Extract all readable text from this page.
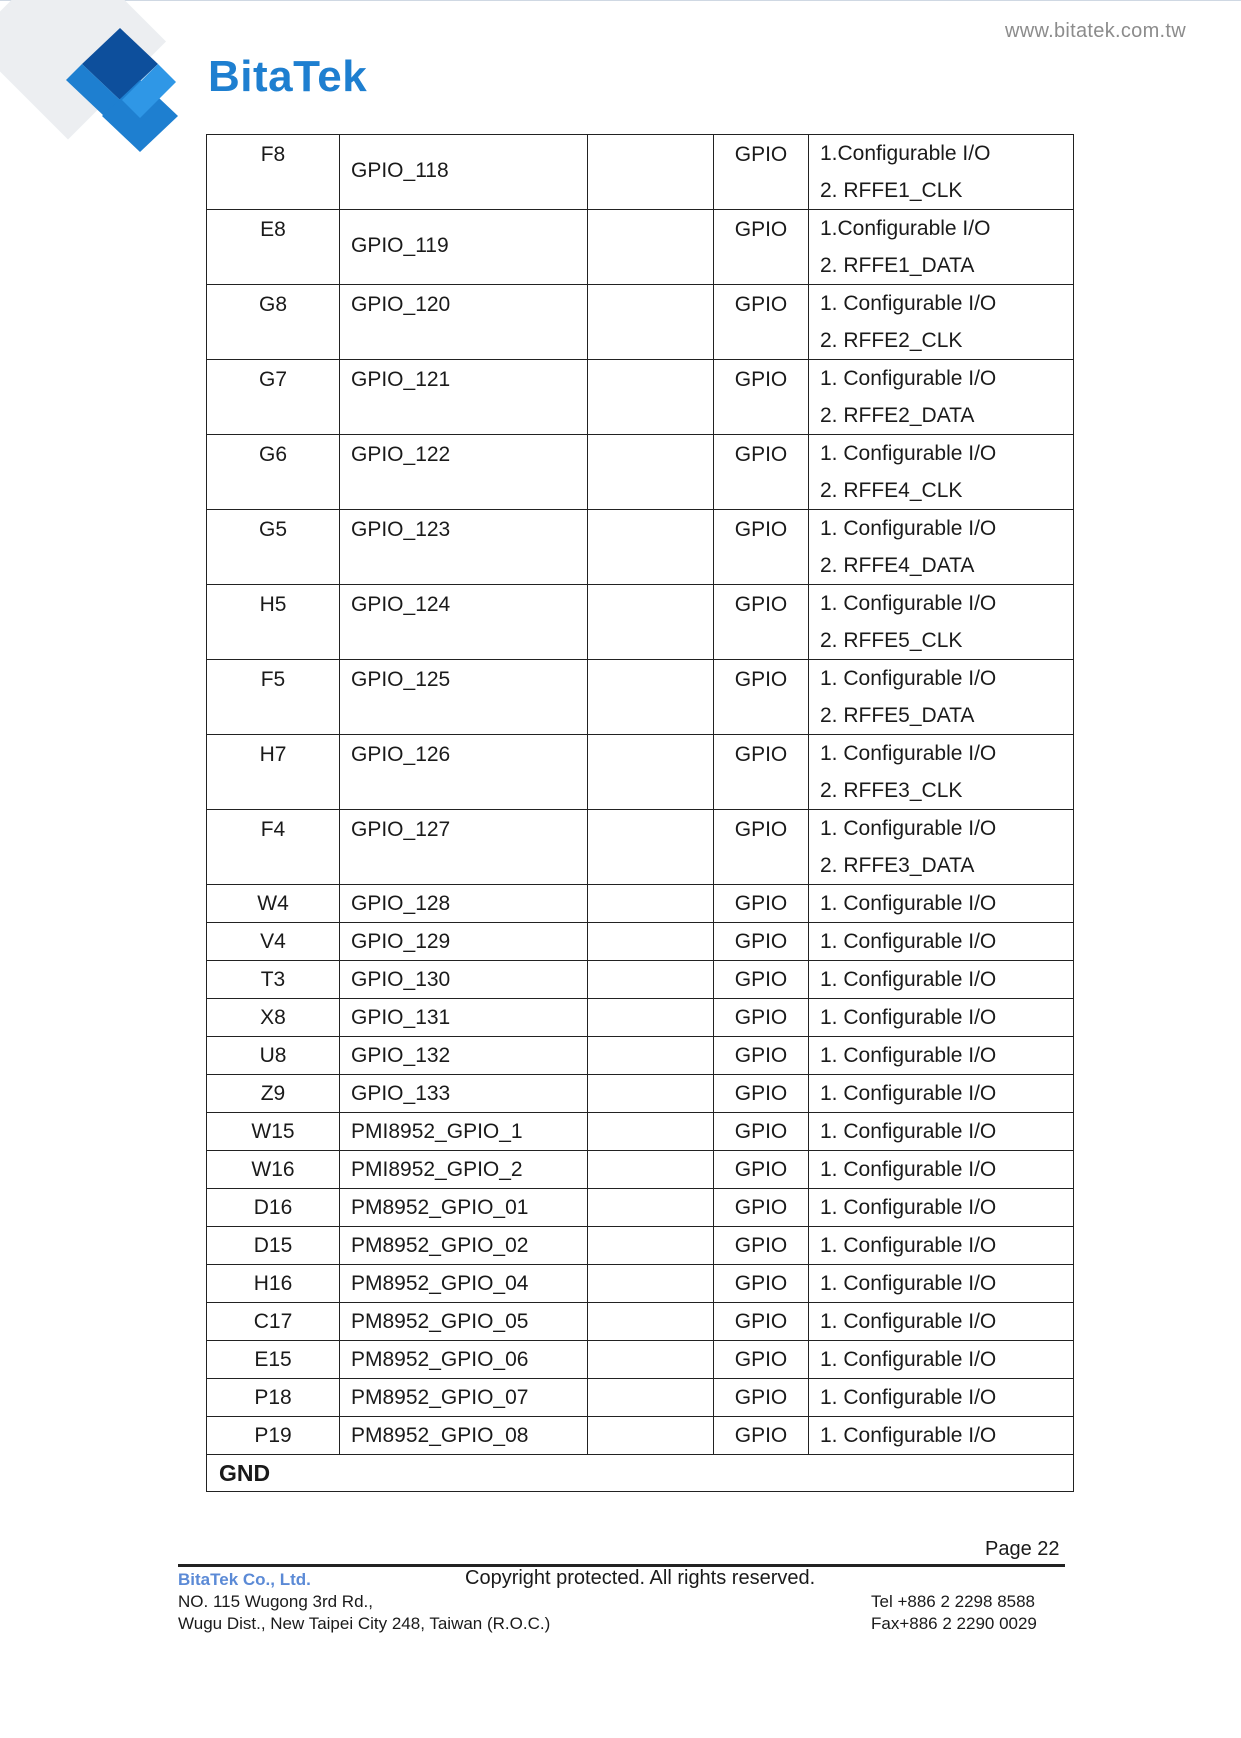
BitaTek
www.bitatek.com.tw
F8	GPIO_118		GPIO	1.Configurable I/O
2. RFFE1_CLK

E8	GPIO_119		GPIO	1.Configurable I/O
2. RFFE1_DATA

G8	GPIO_120		GPIO	1. Configurable I/O
2. RFFE2_CLK

G7	GPIO_121		GPIO	1. Configurable I/O
2. RFFE2_DATA

G6	GPIO_122		GPIO	1. Configurable I/O
2. RFFE4_CLK

G5	GPIO_123		GPIO	1. Configurable I/O
2. RFFE4_DATA

H5	GPIO_124		GPIO	1. Configurable I/O
2. RFFE5_CLK

F5	GPIO_125		GPIO	1. Configurable I/O
2. RFFE5_DATA

H7	GPIO_126		GPIO	1. Configurable I/O
2. RFFE3_CLK

F4	GPIO_127		GPIO	1. Configurable I/O
2. RFFE3_DATA

W4	GPIO_128		GPIO	1. Configurable I/O

V4	GPIO_129		GPIO	1. Configurable I/O

T3	GPIO_130		GPIO	1. Configurable I/O

X8	GPIO_131		GPIO	1. Configurable I/O

U8	GPIO_132		GPIO	1. Configurable I/O

Z9	GPIO_133		GPIO	1. Configurable I/O

W15	PMI8952_GPIO_1		GPIO	1. Configurable I/O

W16	PMI8952_GPIO_2		GPIO	1. Configurable I/O

D16	PM8952_GPIO_01		GPIO	1. Configurable I/O

D15	PM8952_GPIO_02		GPIO	1. Configurable I/O

H16	PM8952_GPIO_04		GPIO	1. Configurable I/O

C17	PM8952_GPIO_05		GPIO	1. Configurable I/O

E15	PM8952_GPIO_06		GPIO	1. Configurable I/O

P18	PM8952_GPIO_07		GPIO	1. Configurable I/O

P19	PM8952_GPIO_08		GPIO	1. Configurable I/O

GND				
Page 22
BitaTek Co., Ltd.	Copyright protected. All rights reserved.
NO. 115 Wugong 3rd Rd.,
Wugu Dist., New Taipei City 248, Taiwan (R.O.C.)
Tel +886 2 2298 8588
Fax+886 2 2290 0029
